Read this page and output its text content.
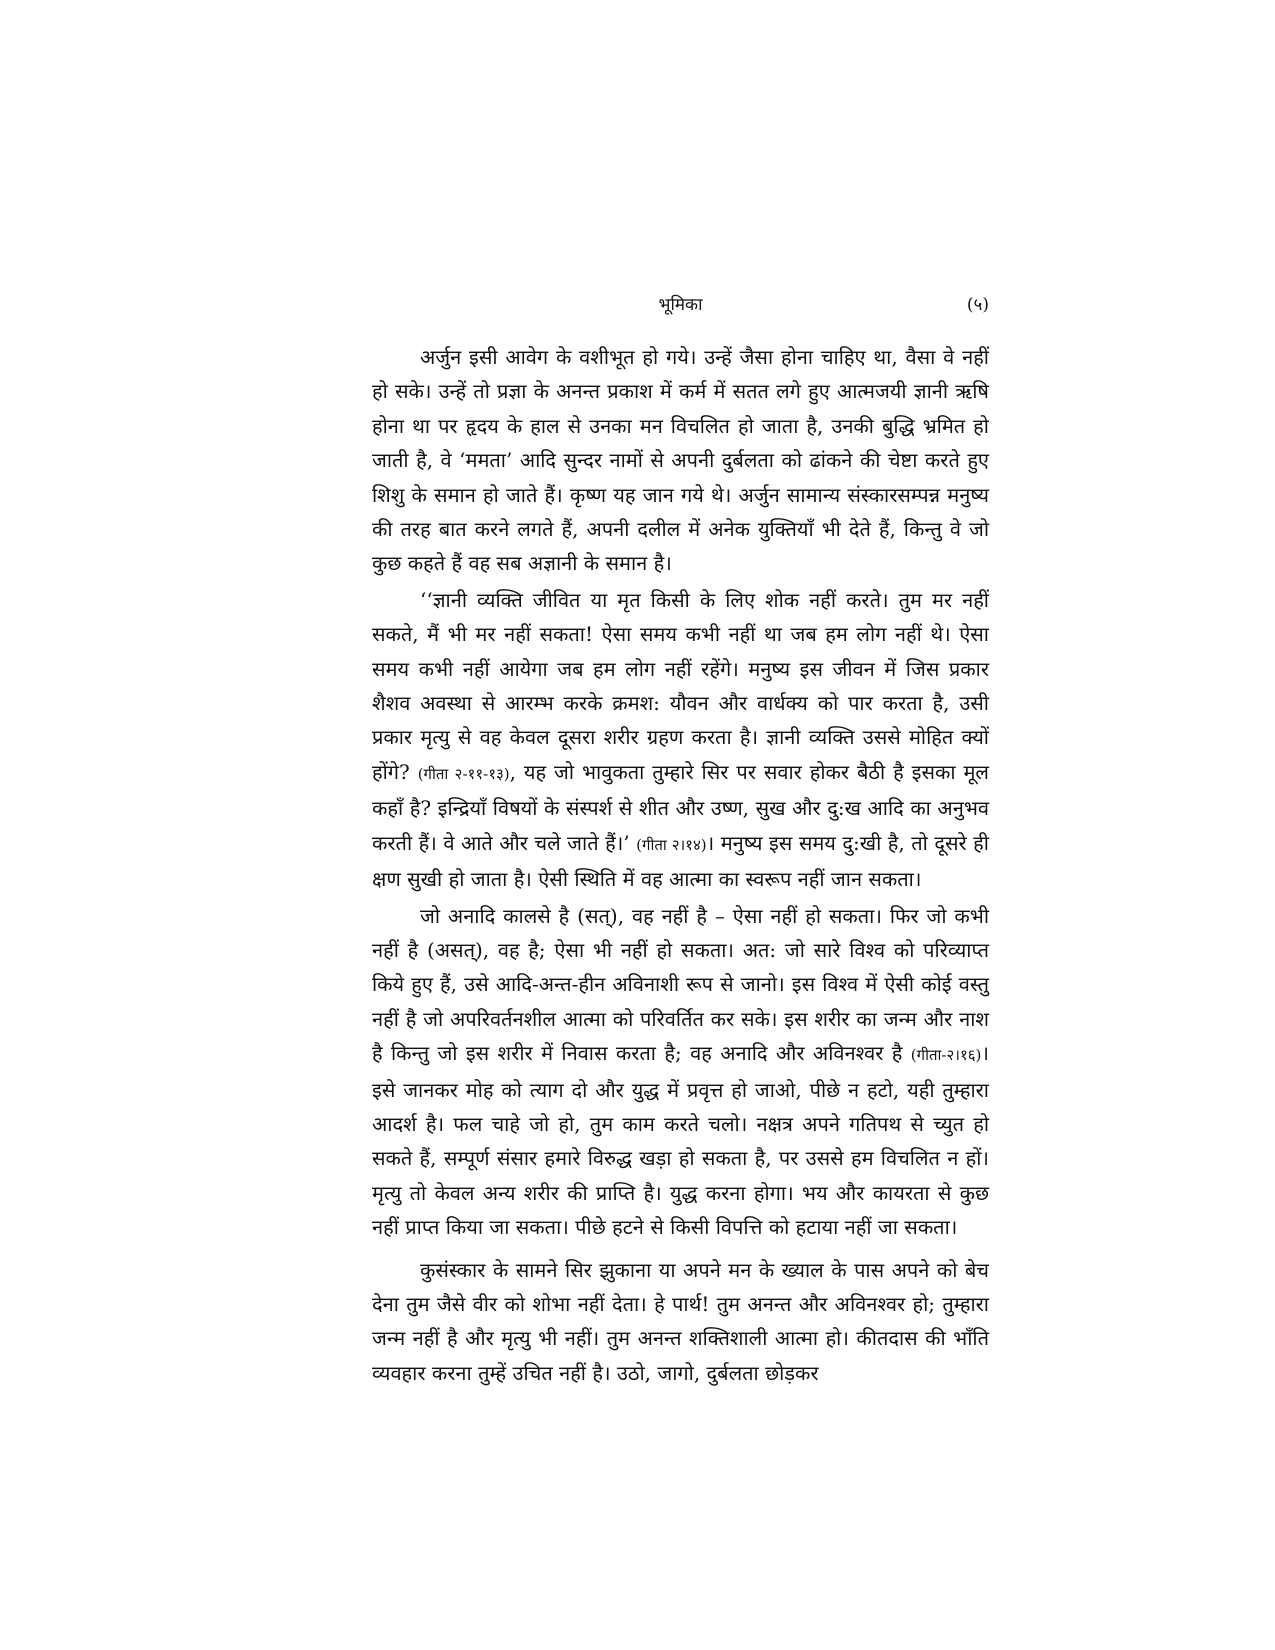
भूमिका	(५)

अर्जुन इसी आवेग के वशीभूत हो गये। उन्हें जैसा होना चाहिए था, वैसा वे नहीं हो सके। उन्हें तो प्रज्ञा के अनन्त प्रकाश में कर्म में सतत लगे हुए आत्मजयी ज्ञानी ऋषि होना था पर हृदय के हाल से उनका मन विचलित हो जाता है, उनकी बुद्धि भ्रमित हो जाती है, वे ‘ममता’ आदि सुन्दर नामों से अपनी दुर्बलता को ढांकने की चेष्टा करते हुए शिशु के समान हो जाते हैं। कृष्ण यह जान गये थे। अर्जुन सामान्य संस्कारसम्पन्न मनुष्य की तरह बात करने लगते हैं, अपनी दलील में अनेक युक्तियाँ भी देते हैं, किन्तु वे जो कुछ कहते हैं वह सब अज्ञानी के समान है।

‘‘ज्ञानी व्यक्ति जीवित या मृत किसी के लिए शोक नहीं करते। तुम मर नहीं सकते, मैं भी मर नहीं सकता! ऐसा समय कभी नहीं था जब हम लोग नहीं थे। ऐसा समय कभी नहीं आयेगा जब हम लोग नहीं रहेंगे। मनुष्य इस जीवन में जिस प्रकार शैशव अवस्था से आरम्भ करके क्रमश: यौवन और वार्धक्य को पार करता है, उसी प्रकार मृत्यु से वह केवल दूसरा शरीर ग्रहण करता है। ज्ञानी व्यक्ति उससे मोहित क्यों होंगे? (गीता २-११-१३), यह जो भावुकता तुम्हारे सिर पर सवार होकर बैठी है इसका मूल कहाँ है? इन्द्रियाँ विषयों के संस्पर्श से शीत और उष्ण, सुख और दु:ख आदि का अनुभव करती हैं। वे आते और चले जाते हैं।’ (गीता २।१४)। मनुष्य इस समय दु:खी है, तो दूसरे ही क्षण सुखी हो जाता है। ऐसी स्थिति में वह आत्मा का स्वरूप नहीं जान सकता।

जो अनादि कालसे है (सत्), वह नहीं है – ऐसा नहीं हो सकता। फिर जो कभी नहीं है (असत्), वह है; ऐसा भी नहीं हो सकता। अत: जो सारे विश्व को परिव्याप्त किये हुए हैं, उसे आदि-अन्त-हीन अविनाशी रूप से जानो। इस विश्व में ऐसी कोई वस्तु नहीं है जो अपरिवर्तनशील आत्मा को परिवर्तित कर सके। इस शरीर का जन्म और नाश है किन्तु जो इस शरीर में निवास करता है; वह अनादि और अविनश्वर है (गीता-२।१६)। इसे जानकर मोह को त्याग दो और युद्ध में प्रवृत्त हो जाओ, पीछे न हटो, यही तुम्हारा आदर्श है। फल चाहे जो हो, तुम काम करते चलो। नक्षत्र अपने गतिपथ से च्युत हो सकते हैं, सम्पूर्ण संसार हमारे विरुद्ध खड़ा हो सकता है, पर उससे हम विचलित न हों। मृत्यु तो केवल अन्य शरीर की प्राप्ति है। युद्ध करना होगा। भय और कायरता से कुछ नहीं प्राप्त किया जा सकता। पीछे हटने से किसी विपत्ति को हटाया नहीं जा सकता।

कुसंस्कार के सामने सिर झुकाना या अपने मन के ख्याल के पास अपने को बेच देना तुम जैसे वीर को शोभा नहीं देता। हे पार्थ! तुम अनन्त और अविनश्वर हो; तुम्हारा जन्म नहीं है और मृत्यु भी नहीं। तुम अनन्त शक्तिशाली आत्मा हो। कीतदास की भाँति व्यवहार करना तुम्हें उचित नहीं है। उठो, जागो, दुर्बलता छोड़कर
